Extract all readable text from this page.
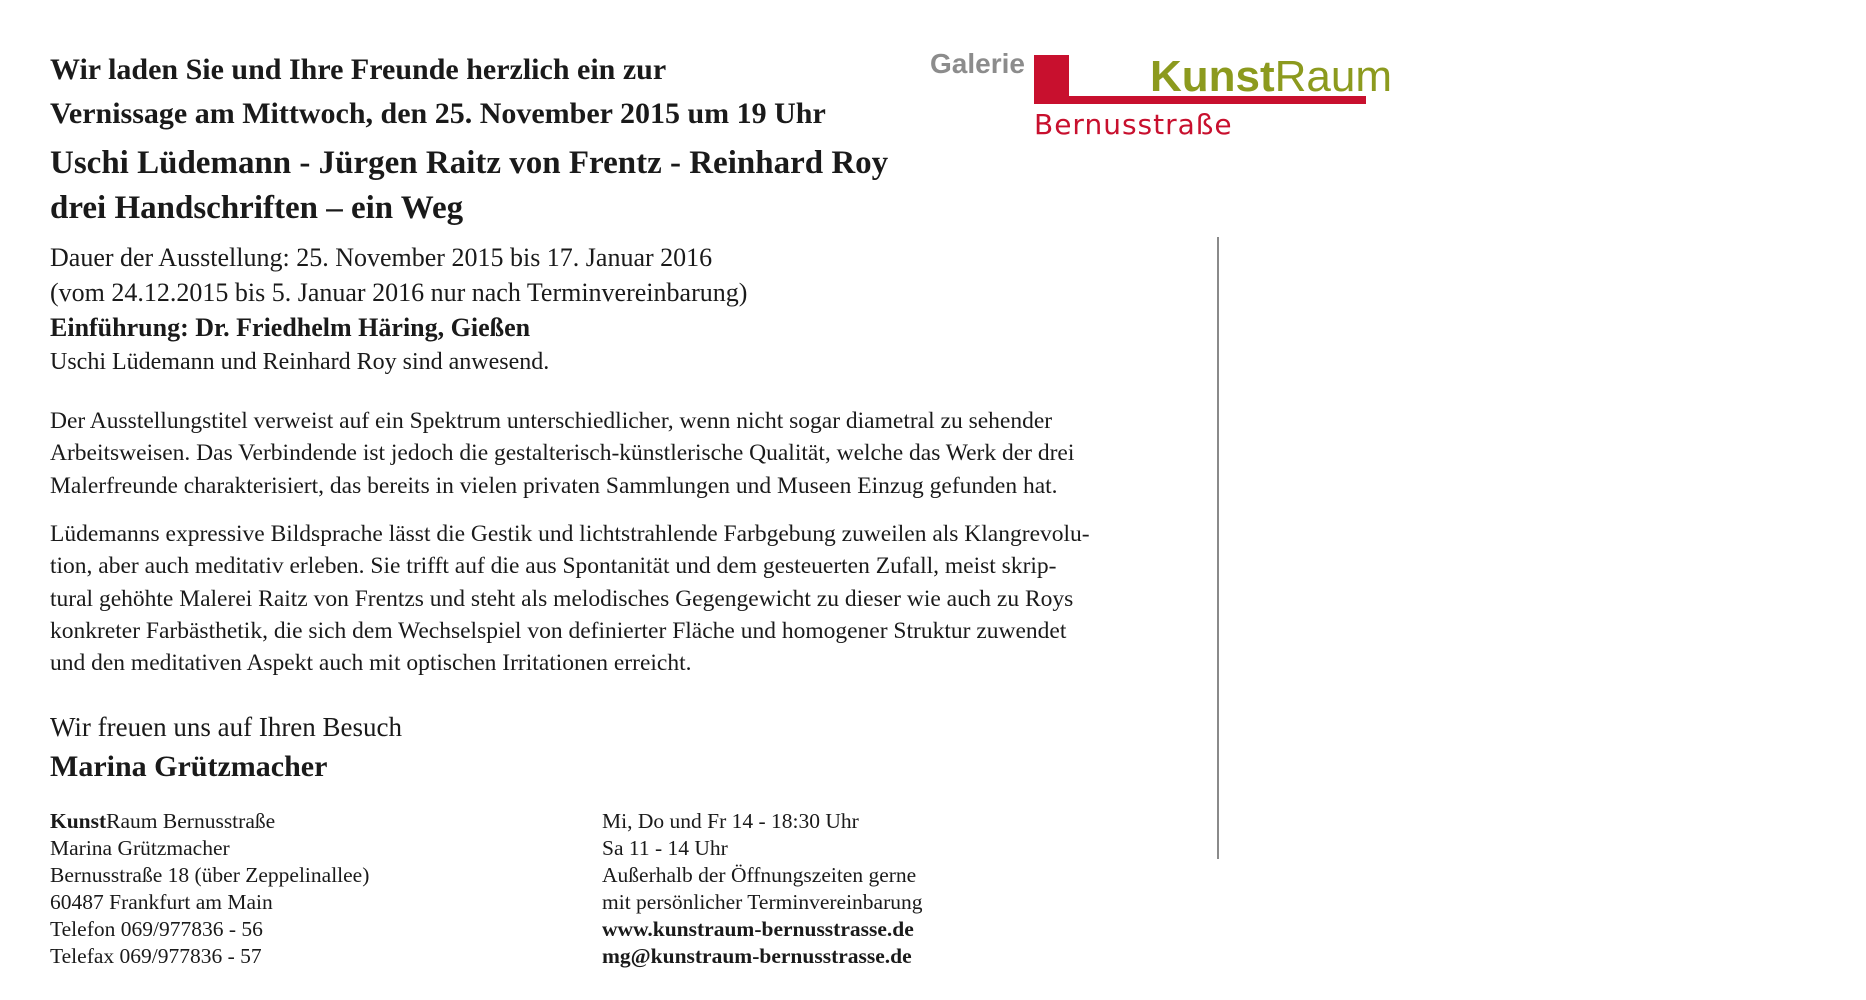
Wir laden Sie und Ihre Freunde herzlich ein zur
Vernissage am Mittwoch, den 25. November 2015 um 19 Uhr
Uschi Lüdemann - Jürgen Raitz von Frentz - Reinhard Roy
drei Handschriften – ein Weg
Dauer der Ausstellung: 25. November 2015 bis 17. Januar 2016
(vom 24.12.2015 bis 5. Januar 2016 nur nach Terminvereinbarung)
Einführung: Dr. Friedhelm Häring, Gießen
Uschi Lüdemann und Reinhard Roy sind anwesend.
Der Ausstellungstitel verweist auf ein Spektrum unterschiedlicher, wenn nicht sogar diametral zu sehender
Arbeitsweisen. Das Verbindende ist jedoch die gestalterisch-künstlerische Qualität, welche das Werk der drei
Malerfreunde charakterisiert, das bereits in vielen privaten Sammlungen und Museen Einzug gefunden hat.
Lüdemanns expressive Bildsprache lässt die Gestik und lichtstrahlende Farbgebung zuweilen als Klangrevolu-
tion, aber auch meditativ erleben. Sie trifft auf die aus Spontanität und dem gesteuerten Zufall, meist skrip-
tural gehöhte Malerei Raitz von Frentzs und steht als melodisches Gegengewicht zu dieser wie auch zu Roys
konkreter Farbästhetik, die sich dem Wechselspiel von definierter Fläche und homogener Struktur zuwendet
und den meditativen Aspekt auch mit optischen Irritationen erreicht.
Wir freuen uns auf Ihren Besuch
Marina Grützmacher
KunstRaum Bernusstraße
Marina Grützmacher
Bernusstraße 18 (über Zeppelinallee)
60487 Frankfurt am Main
Telefon 069/977836 - 56
Telefax 069/977836 - 57
Mi, Do und Fr 14 - 18:30 Uhr
Sa 11 - 14 Uhr
Außerhalb der Öffnungszeiten gerne
mit persönlicher Terminvereinbarung
www.kunstraum-bernusstrasse.de
mg@kunstraum-bernusstrasse.de
Galerie	KunstRaum
Bernusstraße
